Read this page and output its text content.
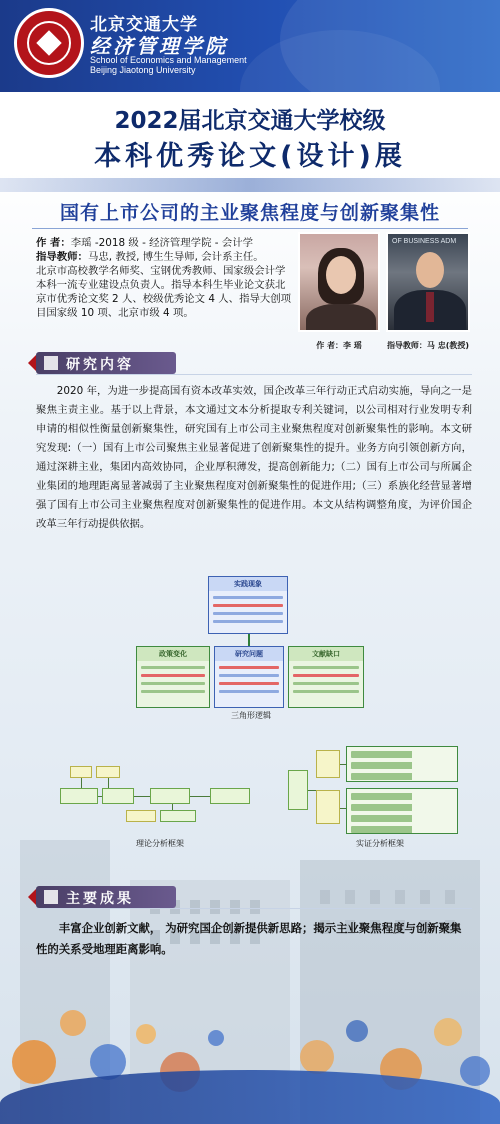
北京交通大学
经济管理学院
School of Economics and Management
Beijing Jiaotong University
2022届北京交通大学校级
本科优秀论文(设计)展
国有上市公司的主业聚焦程度与创新聚集性

作 者：李瑶 -2018 级 - 经济管理学院 - 会计学

指导教师：马忠, 教授, 博生生导师, 会计系主任。

北京市高校教学名师奖、宝钢优秀教师、国家级会计学本科一流专业建设点负责人。指导本科生毕业论文获北京市优秀论文奖 2 人、校级优秀论文 4 人、指导大创项目国家级 10 项、北京市级 4 项。

OF BUSINESS ADM
作 者：李 瑶	指导教师：马 忠(教授)
研究内容
2020 年，为进一步提高国有资本改革实效，国企改革三年行动正式启动实施，导向之一是聚焦主责主业。基于以上背景，本文通过文本分析提取专利关键词，以公司相对行业发明专利申请的相似性衡量创新聚集性，研究国有上市公司主业聚焦程度对创新聚集性的影响。本文研究发现:（一）国有上市公司聚焦主业显著促进了创新聚集性的提升。业务方向引领创新方向，通过深耕主业，集团内高效协同，企业厚积薄发，提高创新能力;（二）国有上市公司与所属企业集团的地理距离显著减弱了主业聚焦程度对创新聚集性的促进作用;（三）系族化经营显著增强了国有上市公司主业聚焦程度对创新聚集性的促进作用。本文从结构调整角度，为评价国企改革三年行动提供依据。
实践现象
政策变化	研究问题	文献缺口
三角形逻辑
理论分析框架	实证分析框架
主要成果
丰富企业创新文献， 为研究国企创新提供新思路；揭示主业聚焦程度与创新聚集性的关系受地理距离影响。
